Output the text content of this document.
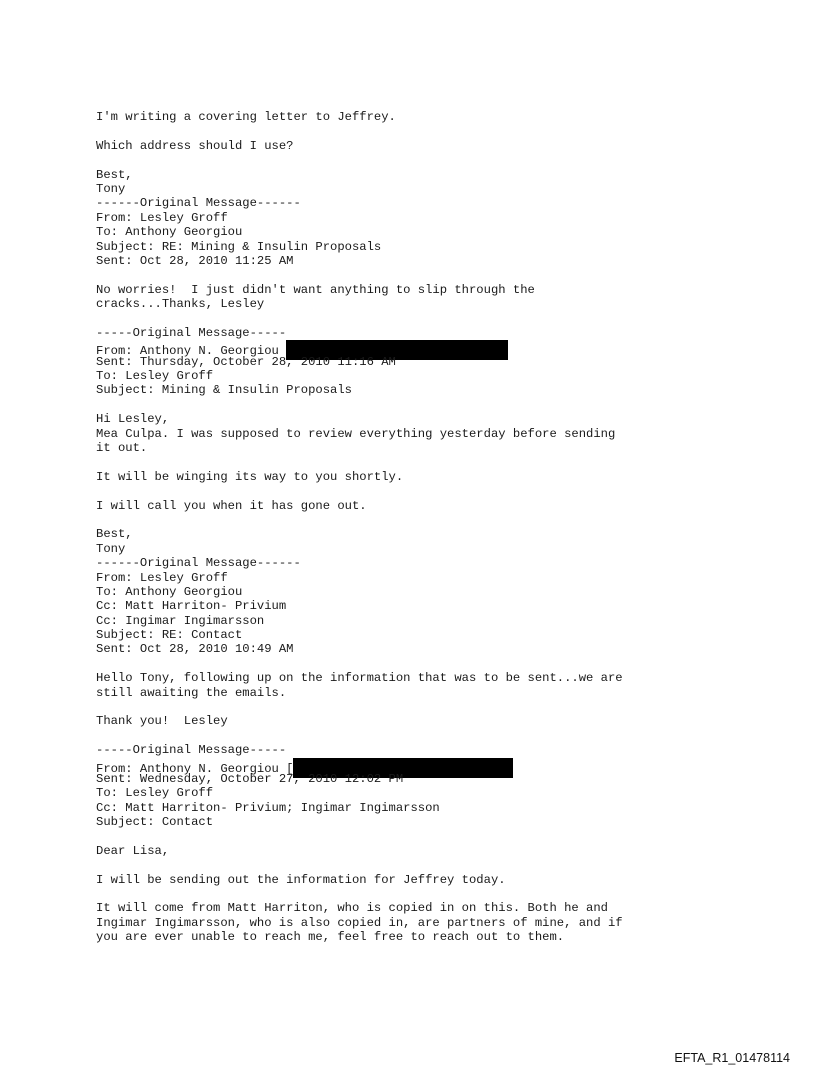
I'm writing a covering letter to Jeffrey.
Which address should I use?
Best,
Tony
------Original Message------
From: Lesley Groff
To: Anthony Georgiou
Subject: RE: Mining & Insulin Proposals
Sent: Oct 28, 2010 11:25 AM
No worries!  I just didn't want anything to slip through the
cracks...Thanks, Lesley
-----Original Message-----
From: Anthony N. Georgiou
Sent: Thursday, October 28, 2010 11:16 AM
To: Lesley Groff
Subject: Mining & Insulin Proposals
Hi Lesley,
Mea Culpa. I was supposed to review everything yesterday before sending
it out.
It will be winging its way to you shortly.
I will call you when it has gone out.
Best,
Tony
------Original Message------
From: Lesley Groff
To: Anthony Georgiou
Cc: Matt Harriton- Privium
Cc: Ingimar Ingimarsson
Subject: RE: Contact
Sent: Oct 28, 2010 10:49 AM
Hello Tony, following up on the information that was to be sent...we are
still awaiting the emails.
Thank you!  Lesley
-----Original Message-----
From: Anthony N. Georgiou [
Sent: Wednesday, October 27, 2010 12:02 PM
To: Lesley Groff
Cc: Matt Harriton- Privium; Ingimar Ingimarsson
Subject: Contact
Dear Lisa,
I will be sending out the information for Jeffrey today.
It will come from Matt Harriton, who is copied in on this. Both he and
Ingimar Ingimarsson, who is also copied in, are partners of mine, and if
you are ever unable to reach me, feel free to reach out to them.
EFTA_R1_01478114
